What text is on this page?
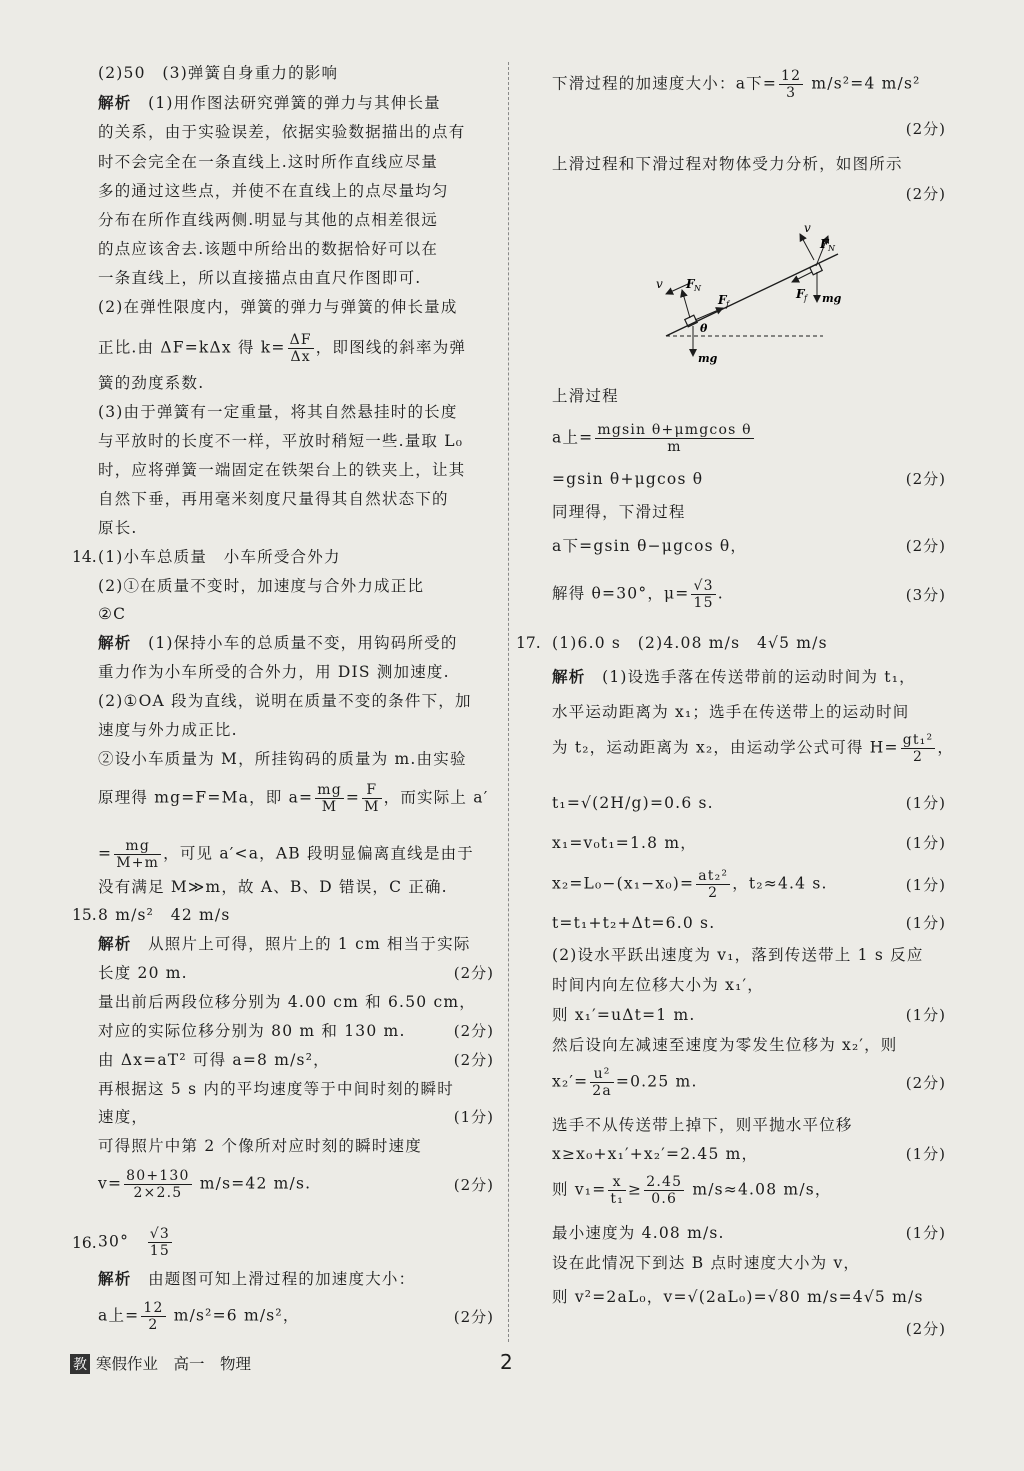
(2)50　(3)弹簧自身重力的影响
解析　(1)用作图法研究弹簧的弹力与其伸长量
的关系，由于实验误差，依据实验数据描出的点有
时不会完全在一条直线上.这时所作直线应尽量
多的通过这些点，并使不在直线上的点尽量均匀
分布在所作直线两侧.明显与其他的点相差很远
的点应该舍去.该题中所给出的数据恰好可以在
一条直线上，所以直接描点由直尺作图即可.
(2)在弹性限度内，弹簧的弹力与弹簧的伸长量成
正比.由 ΔF=kΔx 得 $k= \frac{\Delta F}{\Delta x}$ ，即图线的斜率为弹
簧的劲度系数.
(3)由于弹簧有一定重量，将其自然悬挂时的长度
与平放时的长度不一样，平放时稍短一些.量取 L₀
时，应将弹簧一端固定在铁架台上的铁夹上，让其
自然下垂，再用毫米刻度尺量得其自然状态下的
原长.
14. (1)小车总质量　小车所受合外力
(2)①在质量不变时，加速度与合外力成正比
②C
解析　(1)保持小车的总质量不变，用钩码所受的
重力作为小车所受的合外力，用 DIS 测加速度.
(2)①OA 段为直线，说明在质量不变的条件下，加
速度与外力成正比.
②设小车质量为 M，所挂钩码的质量为 m.由实验
原理得 mg=F=Ma，即 $a= \frac{mg}{M} = \frac{F}{M}$ ，而实际上 a′
= $\frac{mg}{M+m}$ ，可见 a′<a，AB 段明显偏离直线是由于
没有满足 M≫m，故 A、B、D 错误，C 正确.
15. 8 m/s²　42 m/s
解析　从照片上可得，照片上的 1 cm 相当于实际
长度 20 m.	(2分)
量出前后两段位移分别为 4.00 cm 和 6.50 cm，
对应的实际位移分别为 80 m 和 130 m.	(2分)
由 Δx=aT² 可得 a=8 m/s²，	(2分)
再根据这 5 s 内的平均速度等于中间时刻的瞬时
速度，	(1分)
可得照片中第 2 个像所对应时刻的瞬时速度
$v= \frac{80+130}{2\times 2.5} m/s=42$ m/s.	(2分)
16. 30°　 $\frac{√3}{15}$
解析　由题图可知上滑过程的加速度大小：
a上= $\frac{12}{2} m/s^2=6$ m/s²，	(2分)
下滑过程的加速度大小：a下= $\frac{12}{3} m/s^2=4$ m/s²
(2分)
上滑过程和下滑过程对物体受力分析，如图所示
(2分)
上滑过程
a上= $\frac{\text{mgsin θ+μmgcos θ}}{m}$
=gsin θ+μgcos θ	(2分)
同理得，下滑过程
a下=gsin θ−μgcos θ，	(2分)
解得 θ=30°，$\mu= \frac{√3}{15}$ .	(3分)
17. (1)6.0 s　(2)4.08 m/s　4√5 m/s
解析　(1)设选手落在传送带前的运动时间为 t₁，
水平运动距离为 x₁；选手在传送带上的运动时间
为 t₂，运动距离为 x₂，由运动学公式可得 $H= \frac{\text{gt₁²}}{2}$ ，
t₁=√(2H/g)=0.6 s.	(1分)
x₁=v₀t₁=1.8 m，	(1分)
$x_2=L_0-(x_1-x_0)= \frac{\text{at₂²}}{2}$ ，t₂≈4.4 s.	(1分)
t=t₁+t₂+Δt=6.0 s.	(1分)
(2)设水平跃出速度为 v₁，落到传送带上 1 s 反应
时间内向左位移大小为 x₁′，
则 x₁′=uΔt=1 m.	(1分)
然后设向左减速至速度为零发生位移为 x₂′，则
$x_2'= \frac{\text{u²}}{2a} =0.25$ m.	(2分)
选手不从传送带上掉下，则平抛水平位移
x≥x₀+x₁′+x₂′=2.45 m，	(1分)
则 $v_1= \frac{x}{\text{t₁}} \ge \frac{2.45}{0.6} m/s\approx 4.08$ m/s，
最小速度为 4.08 m/s.	(1分)
设在此情况下到达 B 点时速度大小为 v，
则 v²=2aL₀，v=√(2aL₀)=√80 m/s=4√5 m/s
(2分)
v
F N
F f mg
v F N
F f
θ
mg
教 寒假作业　高一　物理	2
